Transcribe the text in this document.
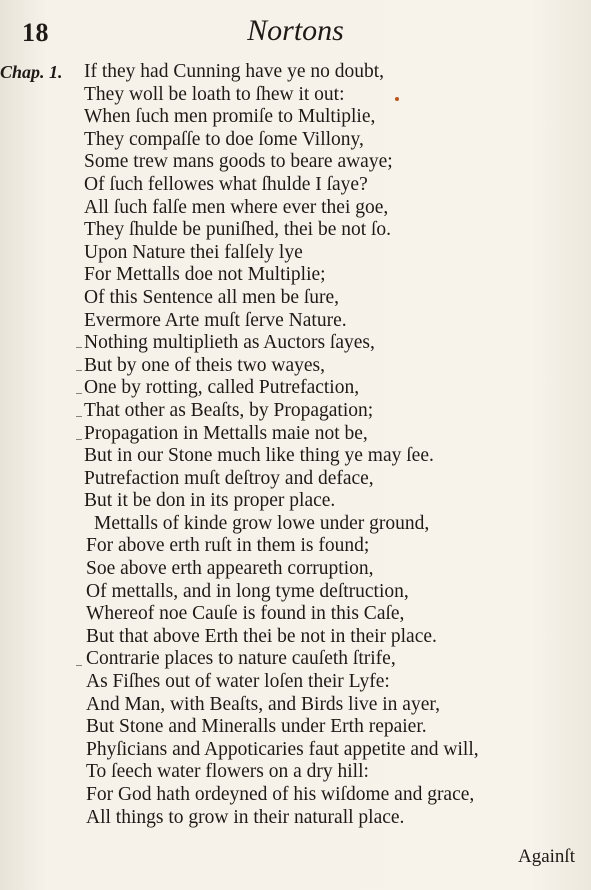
18	Nortons
Chap. 1. If they had Cunning have ye no doubt,
They woll be loath to ſhew it out:
When ſuch men promiſe to Multiplie,
They compaſſe to doe ſome Villony,
Some trew mans goods to beare awaye;
Of ſuch fellowes what ſhulde I ſaye?
All ſuch falſe men where ever thei goe,
They ſhulde be puniſhed, thei be not ſo.
Upon Nature thei falſely lye
For Mettalls doe not Multiplie;
Of this Sentence all men be ſure,
Evermore Arte muſt ſerve Nature.
Nothing multiplieth as Auctors ſayes,
But by one of theis two wayes,
One by rotting, called Putrefaction,
That other as Beaſts, by Propagation;
Propagation in Mettalls maie not be,
But in our Stone much like thing ye may ſee.
Putrefaction muſt deſtroy and deface,
But it be don in its proper place.
Mettalls of kinde grow lowe under ground,
For above erth ruſt in them is found;
Soe above erth appeareth corruption,
Of mettalls, and in long tyme deſtruction,
Whereof noe Cauſe is found in this Caſe,
But that above Erth thei be not in their place.
Contrarie places to nature cauſeth ſtrife,
As Fiſhes out of water loſen their Lyfe:
And Man, with Beaſts, and Birds live in ayer,
But Stone and Mineralls under Erth repaier.
Phyſicians and Appoticaries faut appetite and will,
To ſeech water flowers on a dry hill:
For God hath ordeyned of his wiſdome and grace,
All things to grow in their naturall place.
Againſt
